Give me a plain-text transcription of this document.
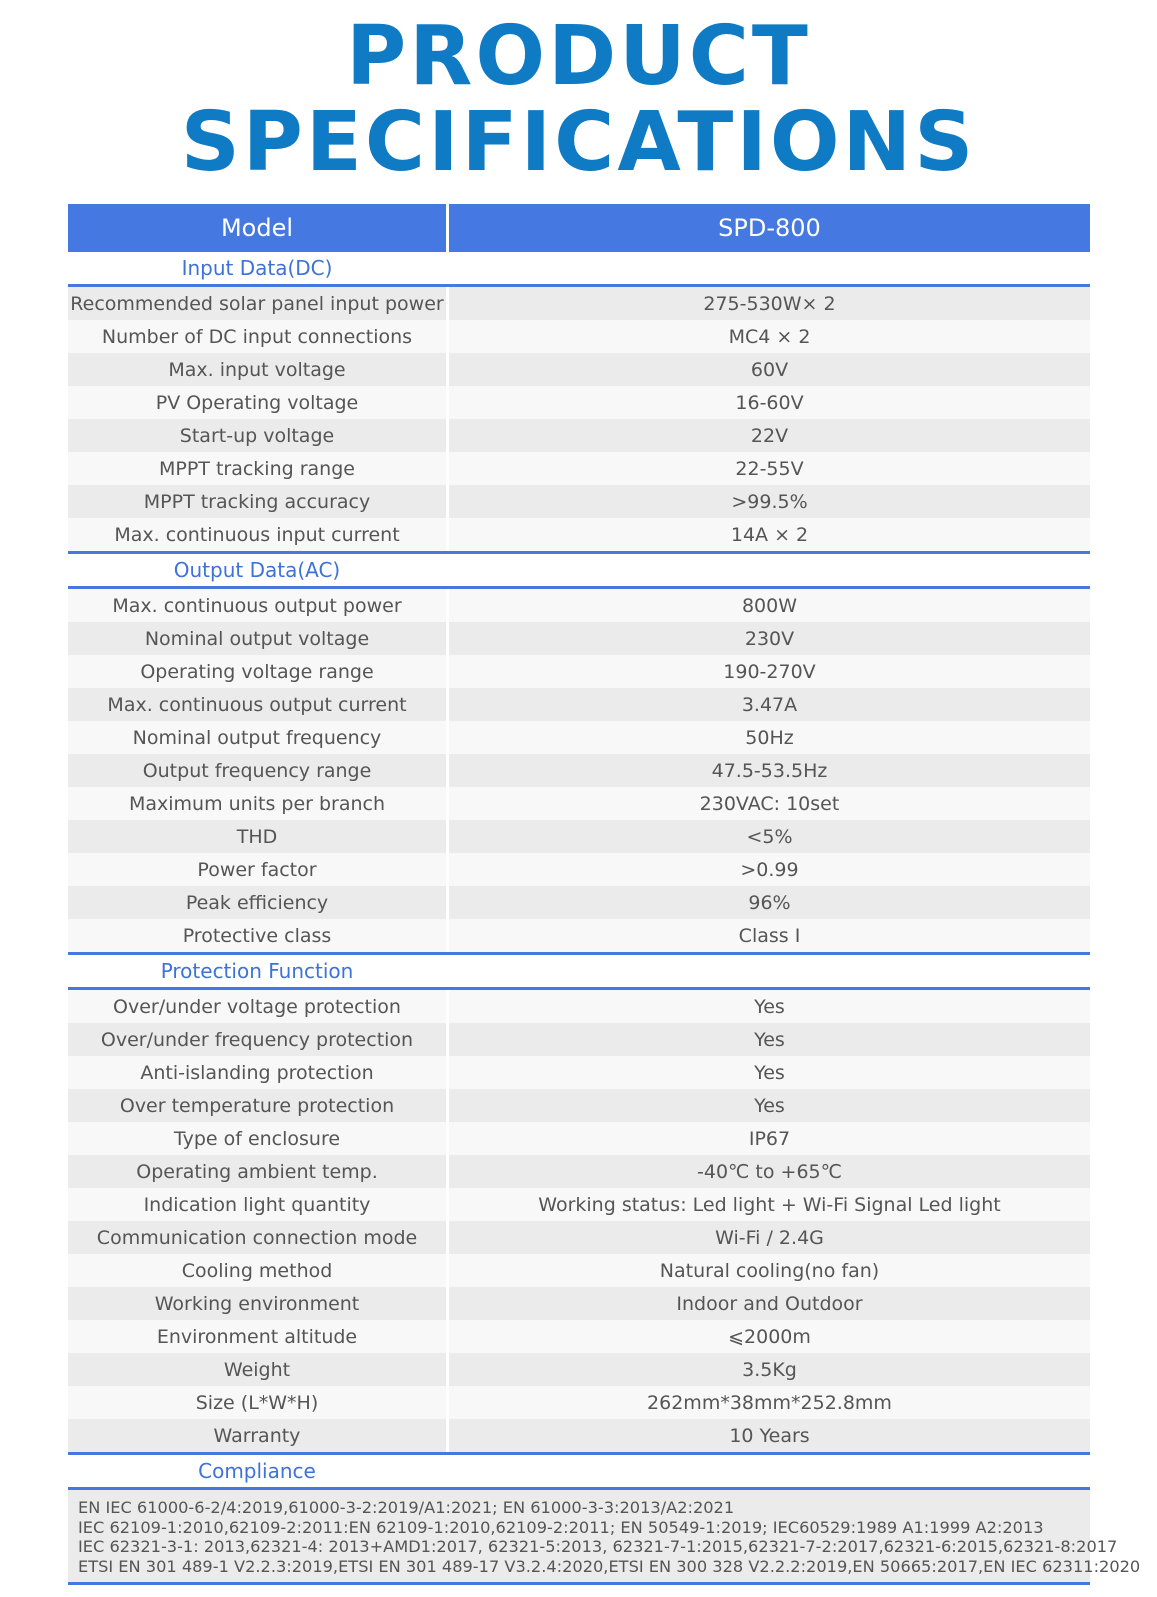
PRODUCT
SPECIFICATIONS
Model	SPD-800
Input Data(DC)
Recommended solar panel input power	275-530W× 2
Number of DC input connections	MC4 × 2
Max. input voltage	60V
PV Operating voltage	16-60V
Start-up voltage	22V
MPPT tracking range	22-55V
MPPT tracking accuracy	>99.5%
Max. continuous input current	14A × 2
Output Data(AC)
Max. continuous output power	800W
Nominal output voltage	230V
Operating voltage range	190-270V
Max. continuous output current	3.47A
Nominal output frequency	50Hz
Output frequency range	47.5-53.5Hz
Maximum units per branch	230VAC: 10set
THD	<5%
Power factor	>0.99
Peak efficiency	96%
Protective class	Class I
Protection Function
Over/under voltage protection	Yes
Over/under frequency protection	Yes
Anti-islanding protection	Yes
Over temperature protection	Yes
Type of enclosure	IP67
Operating ambient temp.	-40℃ to +65℃
Indication light quantity	Working status: Led light + Wi-Fi Signal Led light
Communication connection mode	Wi-Fi / 2.4G
Cooling method	Natural cooling(no fan)
Working environment	Indoor and Outdoor
Environment altitude	⩽2000m
Weight	3.5Kg
Size (L*W*H)	262mm*38mm*252.8mm
Warranty	10 Years
Compliance
EN IEC 61000-6-2/4:2019,61000-3-2:2019/A1:2021; EN 61000-3-3:2013/A2:2021
IEC 62109-1:2010,62109-2:2011:EN 62109-1:2010,62109-2:2011; EN 50549-1:2019; IEC60529:1989 A1:1999 A2:2013
IEC 62321-3-1: 2013,62321-4: 2013+AMD1:2017, 62321-5:2013, 62321-7-1:2015,62321-7-2:2017,62321-6:2015,62321-8:2017
ETSI EN 301 489-1 V2.2.3:2019,ETSI EN 301 489-17 V3.2.4:2020,ETSI EN 300 328 V2.2.2:2019,EN 50665:2017,EN IEC 62311:2020
